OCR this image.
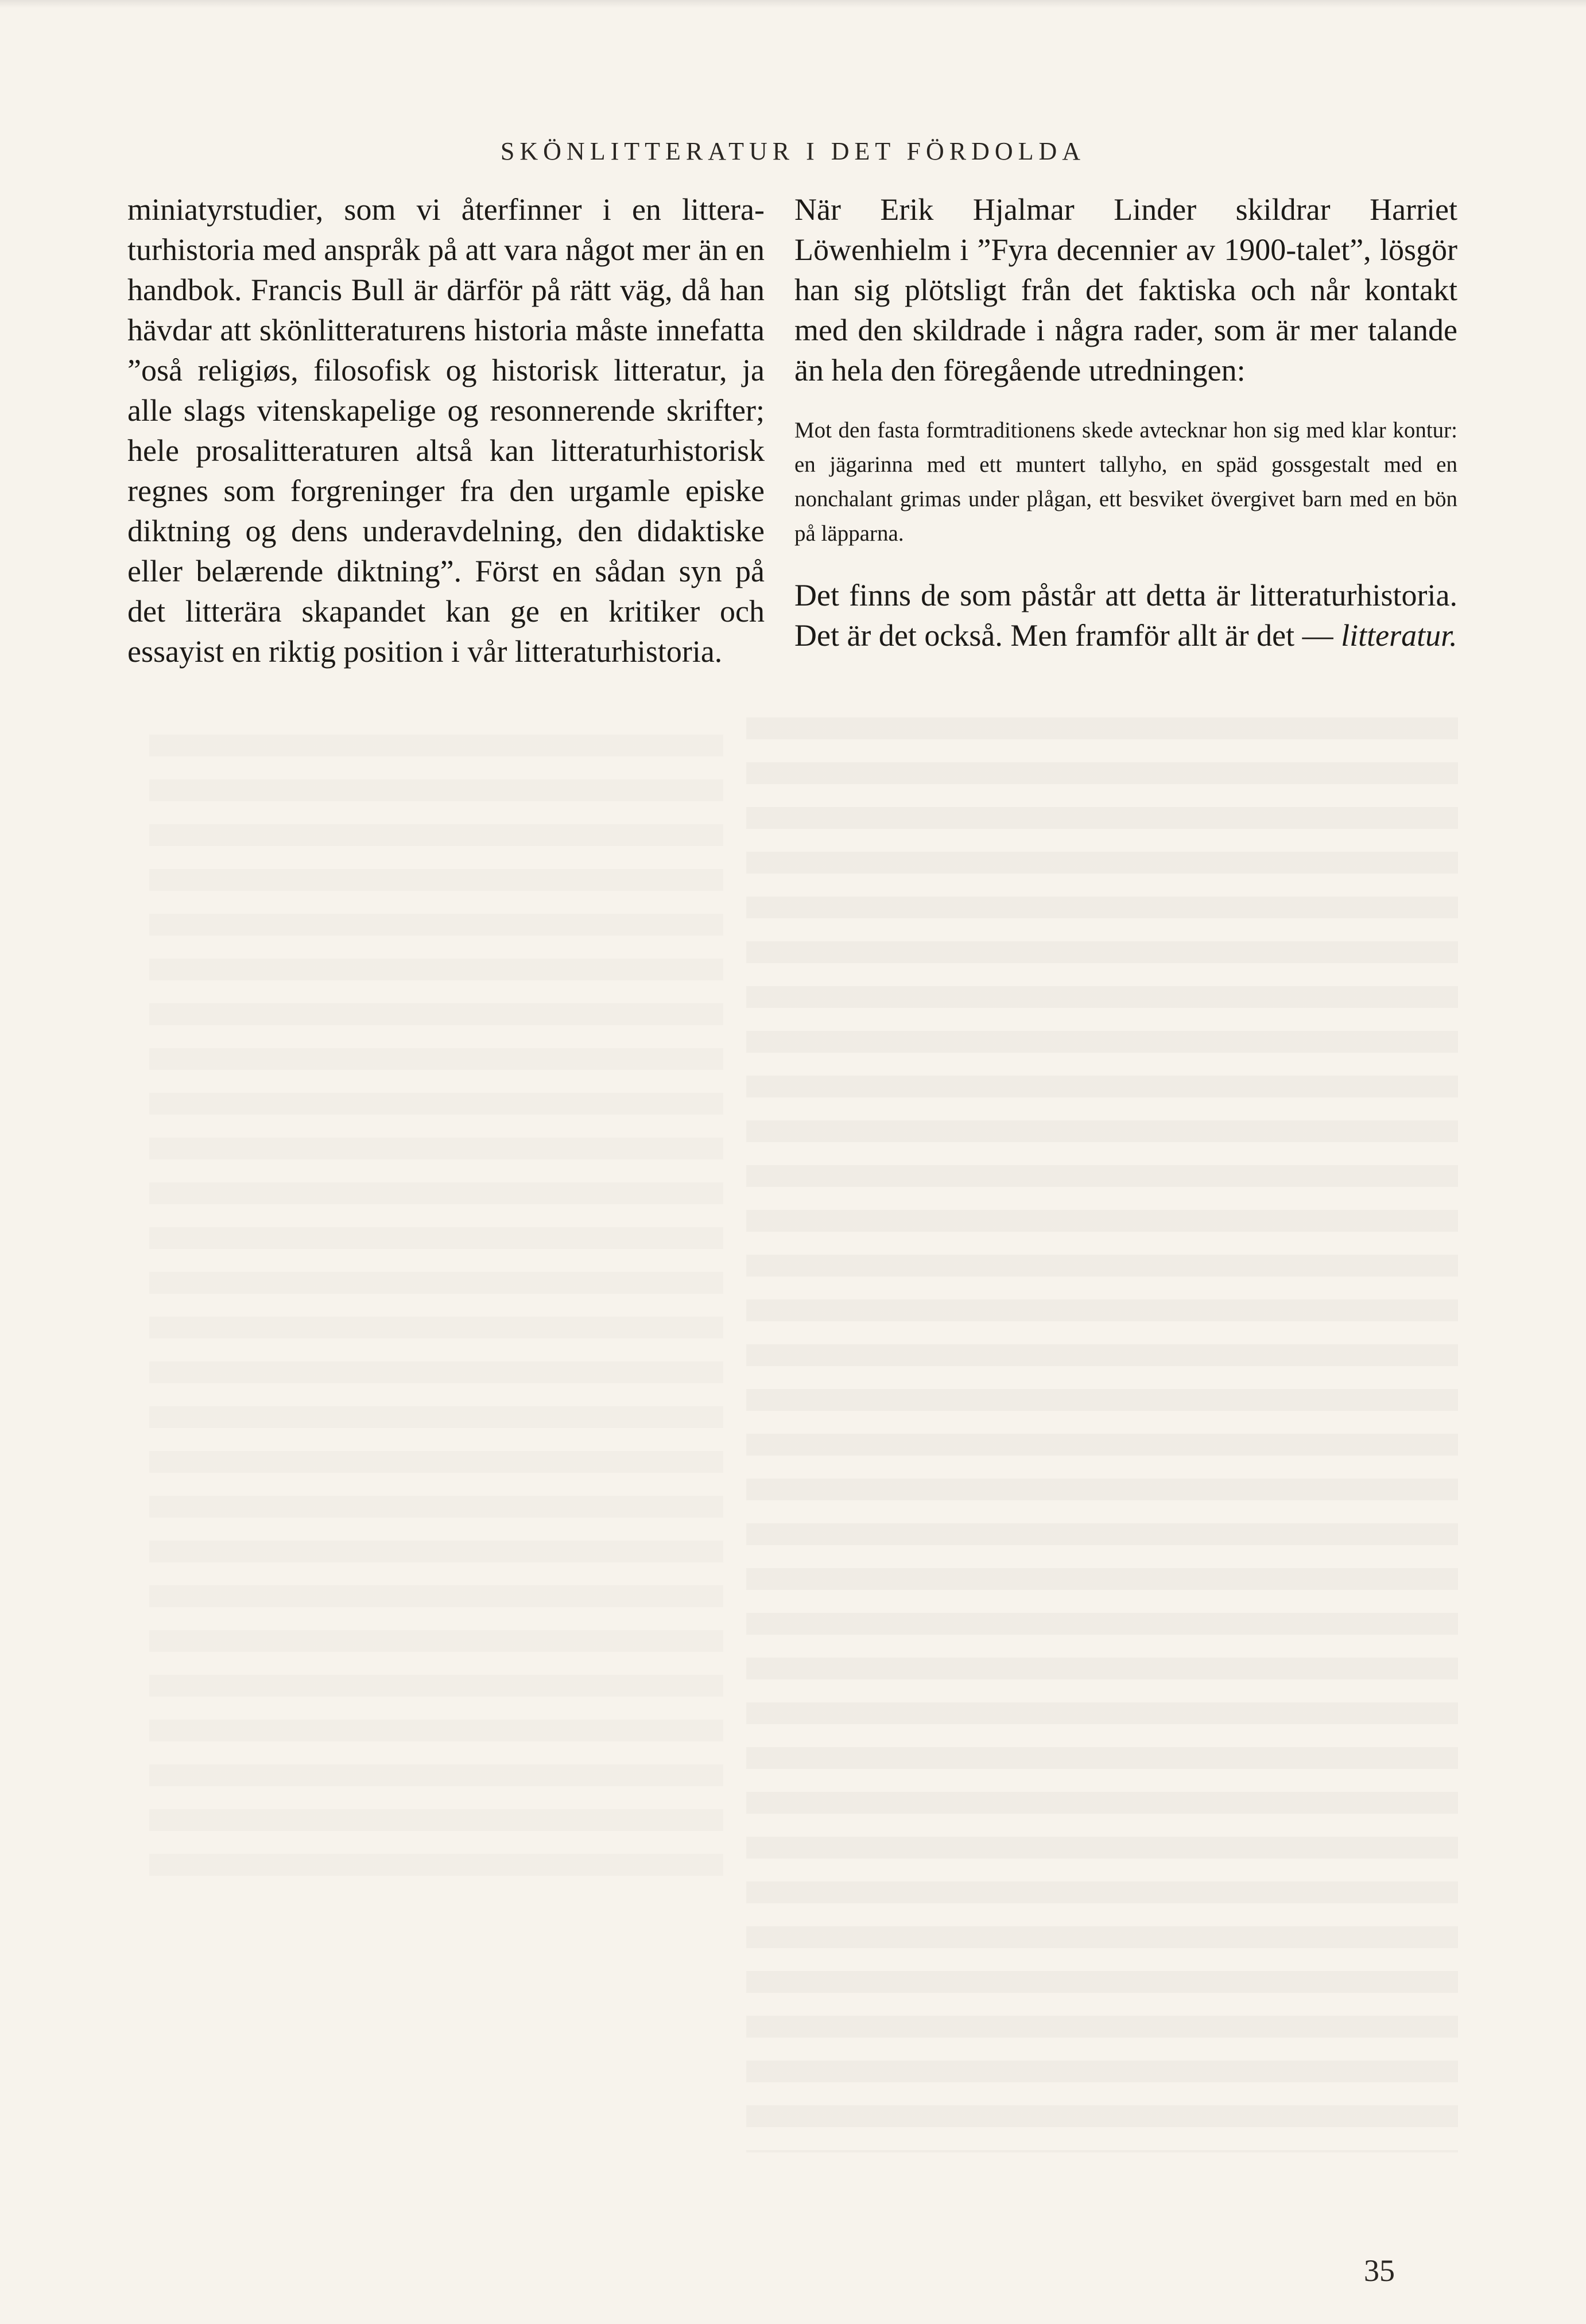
SKÖNLITTERATUR I DET FÖRDOLDA

miniatyrstudier, som vi återfinner i en litteraturhistoria med anspråk på att vara något mer än en handbok. Francis Bull är därför på rätt väg, då han hävdar att skönlitteraturens historia måste innefatta ”oså religiøs, filosofisk og historisk litteratur, ja alle slags vitenskapelige og resonnerende skrifter; hele prosalitteraturen altså kan litteraturhistorisk regnes som forgreninger fra den urgamle episke diktning og dens underavdelning, den didaktiske eller belærende diktning”. Först en sådan syn på det litterära skapandet kan ge en kritiker och essayist en riktig position i vår litteraturhistoria.

När Erik Hjalmar Linder skildrar Harriet Löwenhielm i ”Fyra decennier av 1900-talet”, lösgör han sig plötsligt från det faktiska och når kontakt med den skildrade i några rader, som är mer talande än hela den föregående utredningen:

Mot den fasta formtraditionens skede avtecknar hon sig med klar kontur: en jägarinna med ett muntert tallyho, en späd gossgestalt med en nonchalant grimas under plågan, ett besviket övergivet barn med en bön på läpparna.

Det finns de som påstår att detta är litteraturhistoria. Det är det också. Men framför allt är det — litteratur.

35
